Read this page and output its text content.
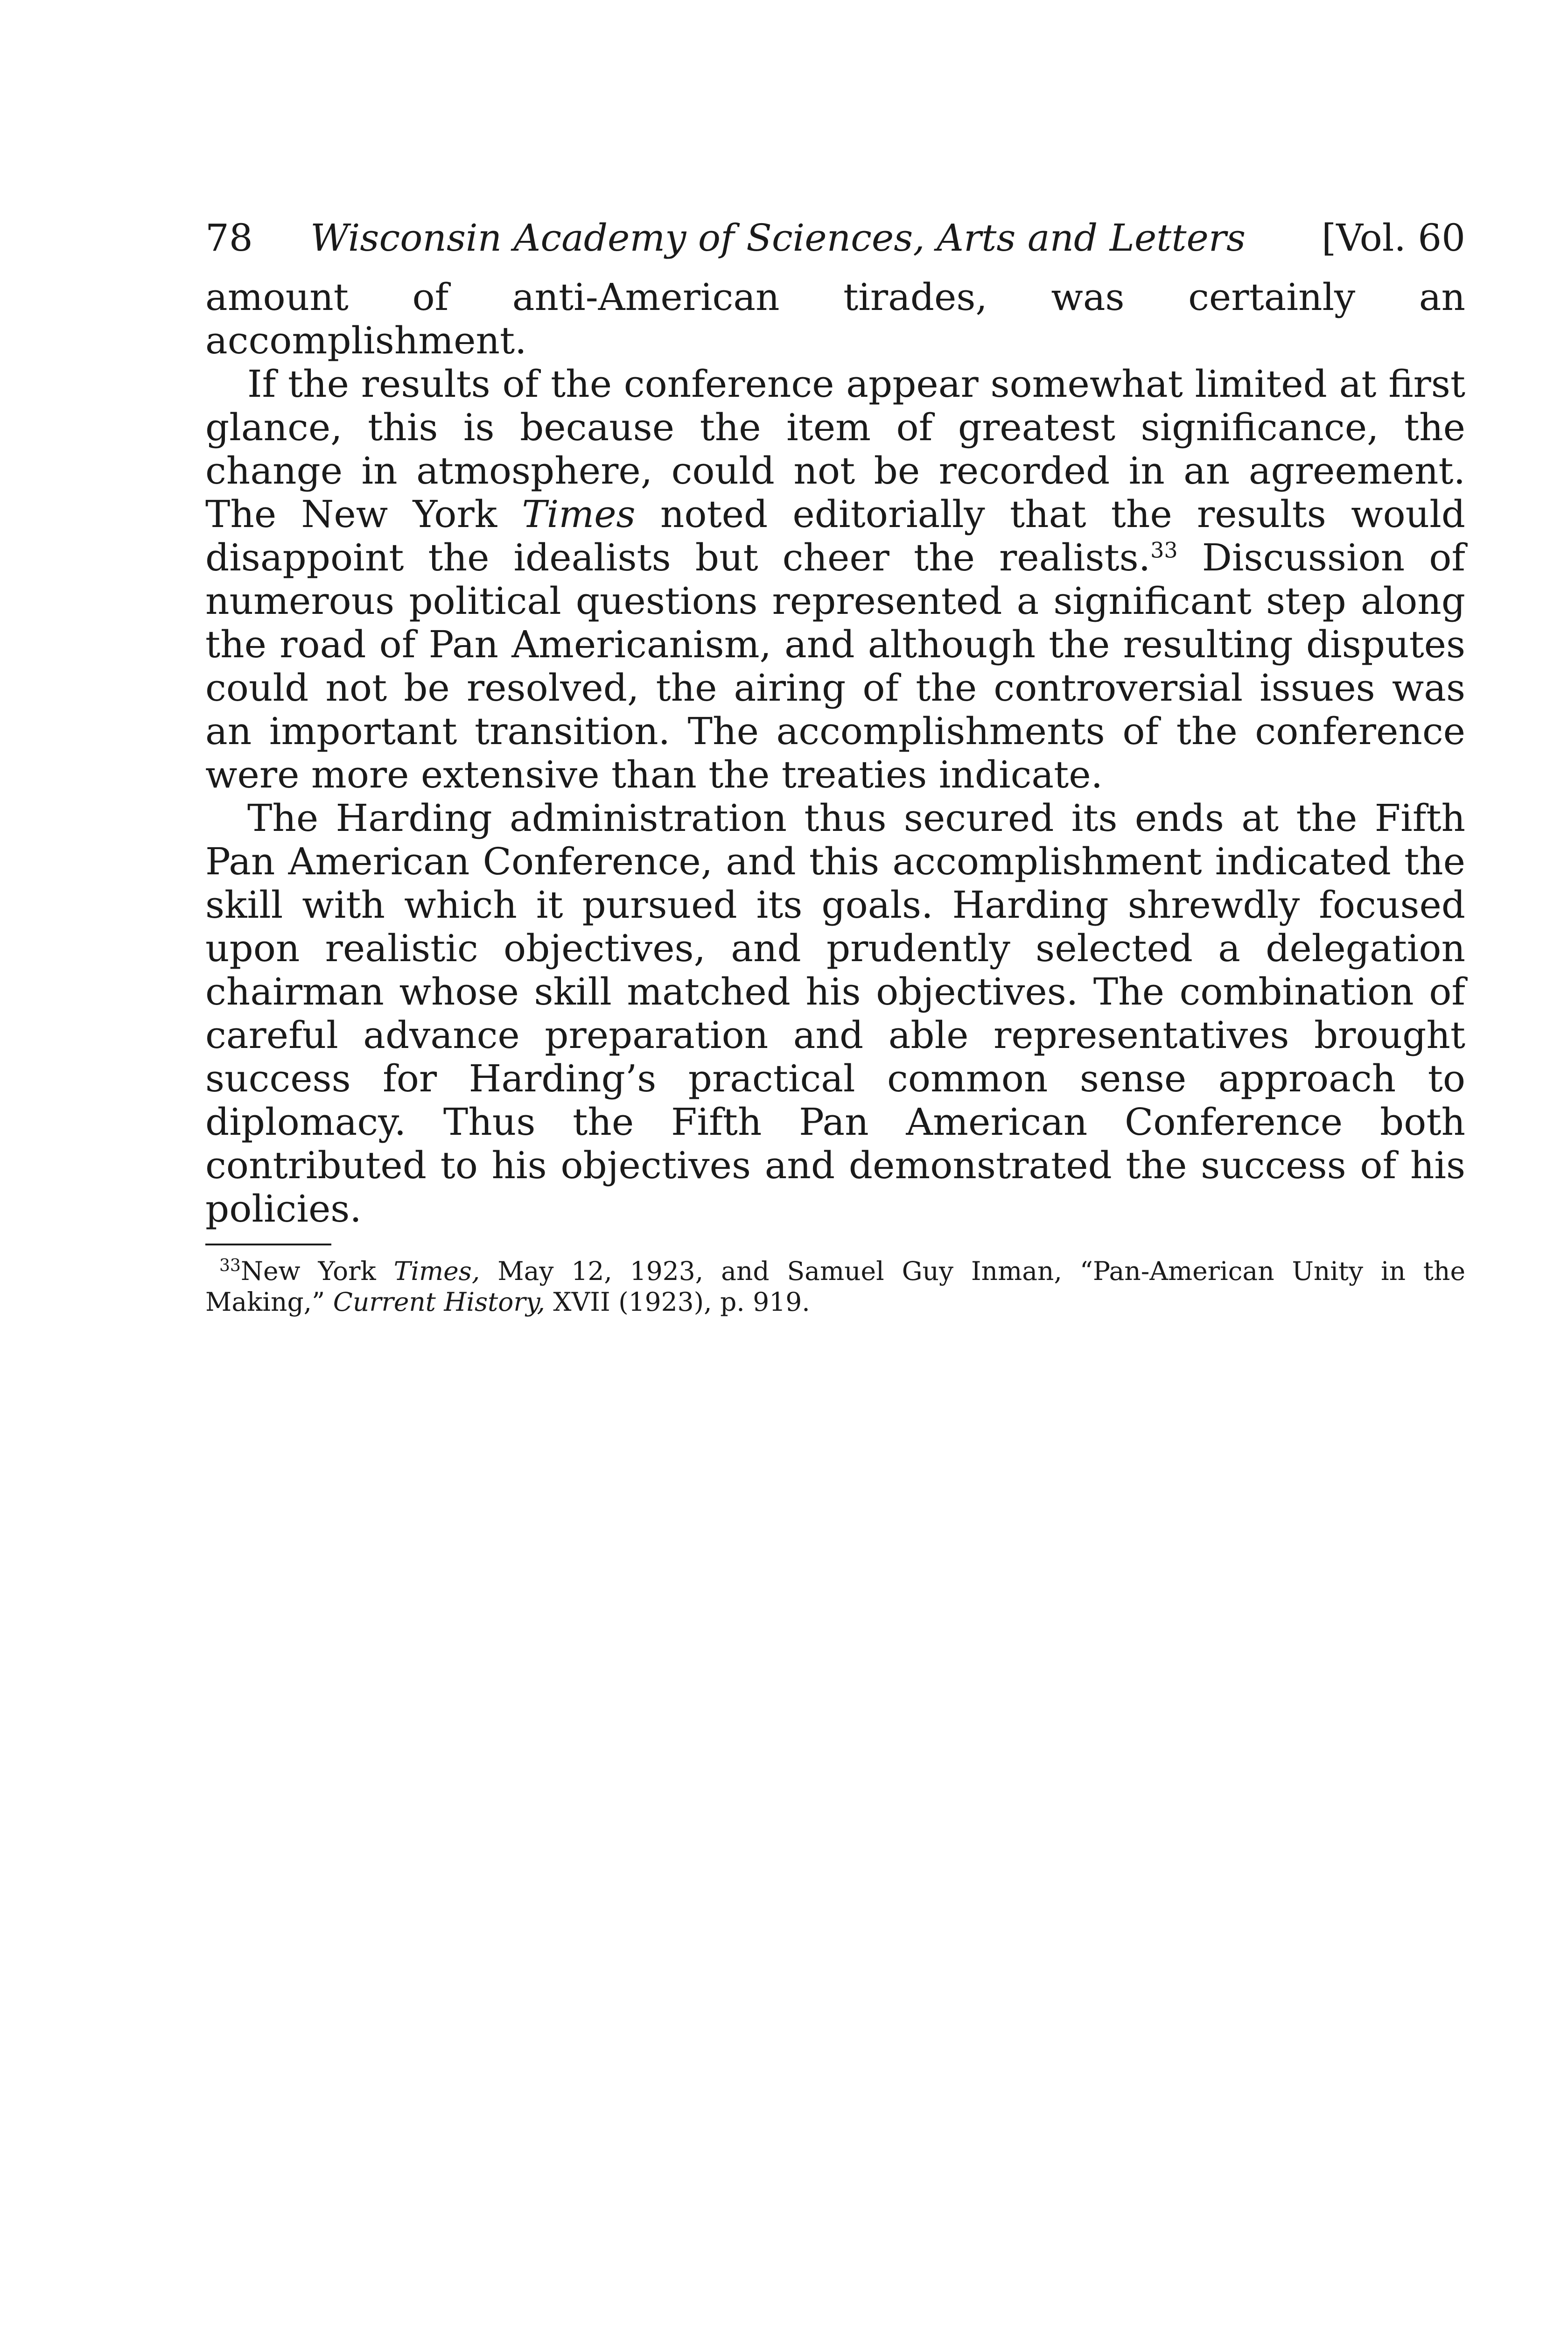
78 Wisconsin Academy of Sciences, Arts and Letters [Vol. 60

amount of anti-American tirades, was certainly an accomplishment.

If the results of the conference appear somewhat limited at first glance, this is because the item of greatest significance, the change in atmosphere, could not be recorded in an agreement. The New York Times noted editorially that the results would disappoint the idealists but cheer the realists.$^{33}$ Discussion of numerous political questions represented a significant step along the road of Pan Americanism, and although the resulting disputes could not be resolved, the airing of the controversial issues was an important transition. The accomplishments of the conference were more extensive than the treaties indicate.

The Harding administration thus secured its ends at the Fifth Pan American Conference, and this accomplishment indicated the skill with which it pursued its goals. Harding shrewdly focused upon realistic objectives, and prudently selected a delegation chairman whose skill matched his objectives. The combination of careful advance preparation and able representatives brought success for Harding’s practical common sense approach to diplomacy. Thus the Fifth Pan American Conference both contributed to his objectives and demonstrated the success of his policies.

$^{33}$New York Times, May 12, 1923, and Samuel Guy Inman, “Pan-American Unity in the Making,” Current History, XVII (1923), p. 919.
